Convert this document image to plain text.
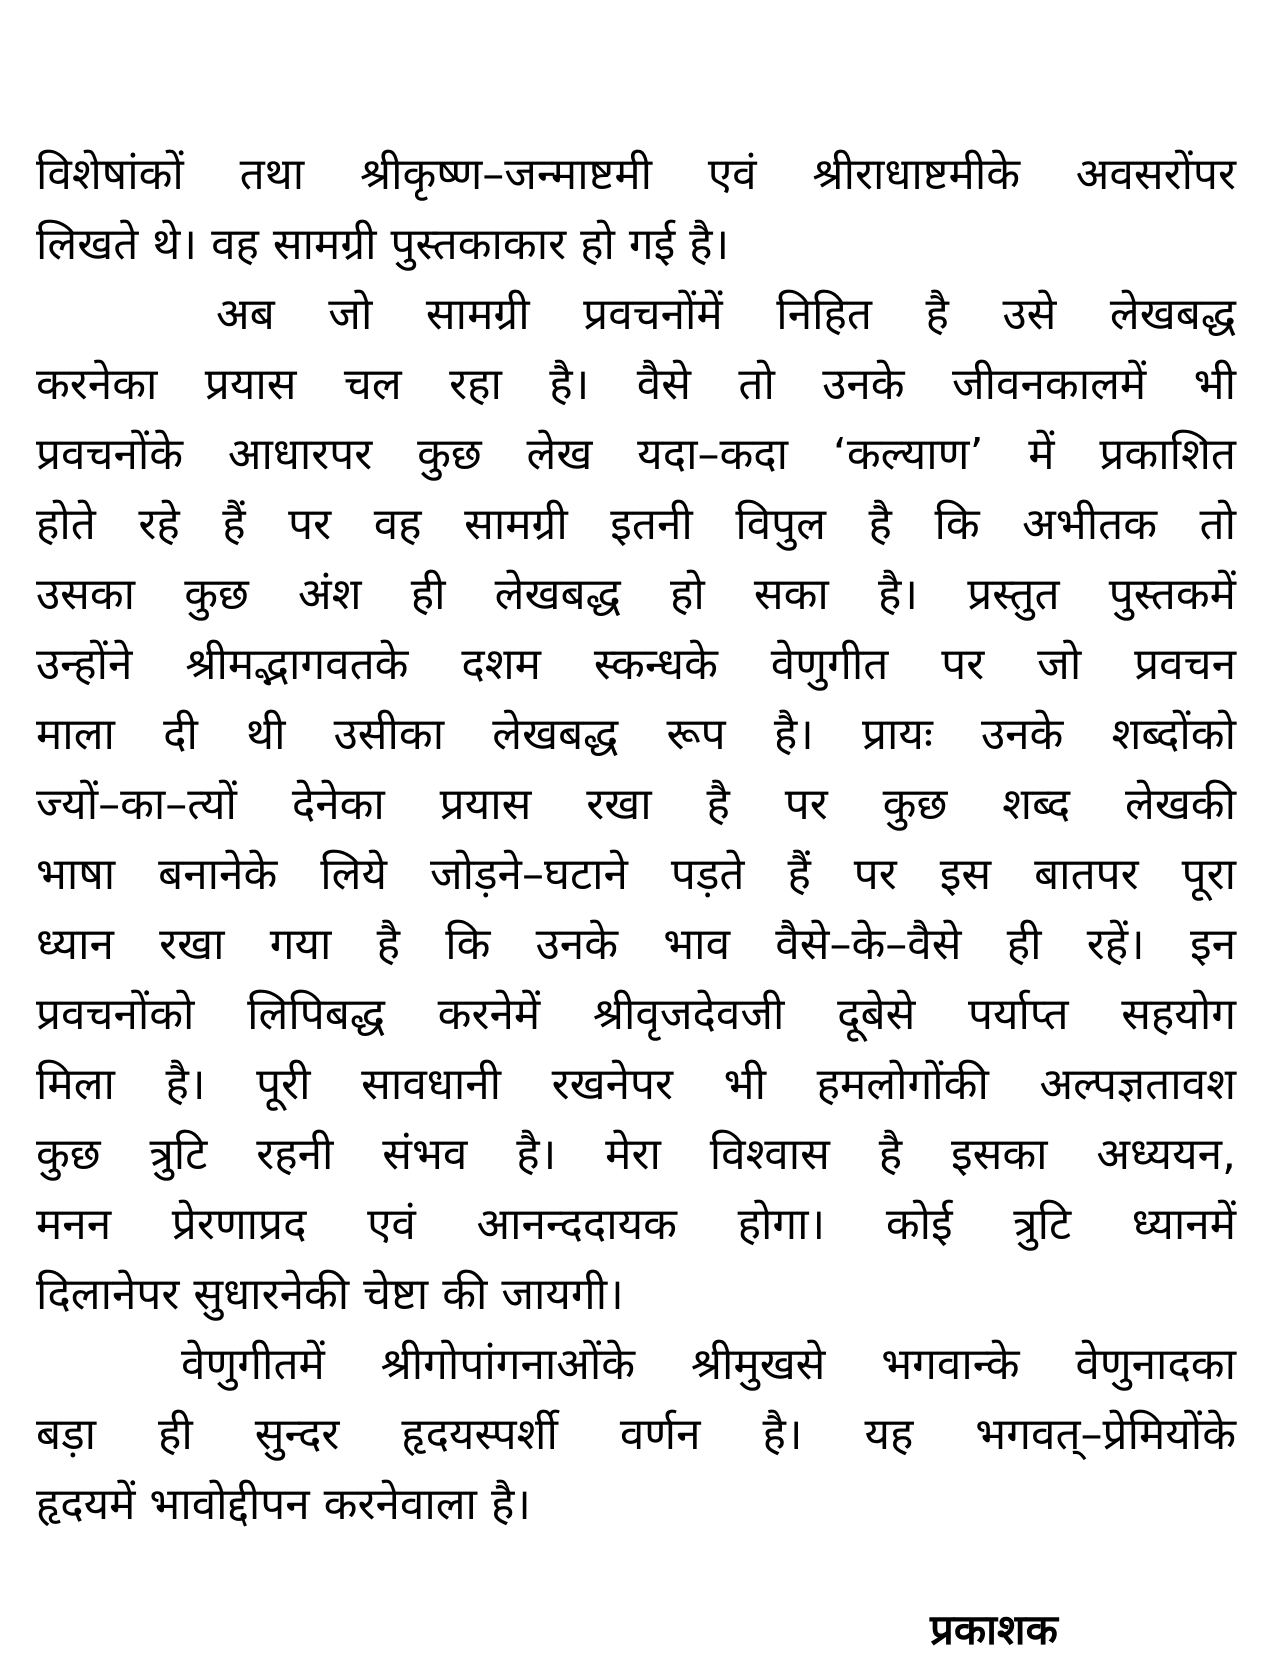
विशेषांकों तथा श्रीकृष्ण–जन्माष्टमी एवं श्रीराधाष्टमीके अवसरोंपर
लिखते थे। वह सामग्री पुस्तकाकार हो गई है।
अब जो सामग्री प्रवचनोंमें निहित है उसे लेखबद्ध
करनेका प्रयास चल रहा है। वैसे तो उनके जीवनकालमें भी
प्रवचनोंके आधारपर कुछ लेख यदा–कदा ‘कल्याण’ में प्रकाशित
होते रहे हैं पर वह सामग्री इतनी विपुल है कि अभीतक तो
उसका कुछ अंश ही लेखबद्ध हो सका है। प्रस्तुत पुस्तकमें
उन्होंने श्रीमद्भागवतके दशम स्कन्धके वेणुगीत पर जो प्रवचन
माला दी थी उसीका लेखबद्ध रूप है। प्रायः उनके शब्दोंको
ज्यों–का–त्यों देनेका प्रयास रखा है पर कुछ शब्द लेखकी
भाषा बनानेके लिये जोड़ने–घटाने पड़ते हैं पर इस बातपर पूरा
ध्यान रखा गया है कि उनके भाव वैसे–के–वैसे ही रहें। इन
प्रवचनोंको लिपिबद्ध करनेमें श्रीवृजदेवजी दूबेसे पर्याप्त सहयोग
मिला है। पूरी सावधानी रखनेपर भी हमलोगोंकी अल्पज्ञतावश
कुछ त्रुटि रहनी संभव है। मेरा विश्वास है इसका अध्ययन,
मनन प्रेरणाप्रद एवं आनन्ददायक होगा। कोई त्रुटि ध्यानमें
दिलानेपर सुधारनेकी चेष्टा की जायगी।
वेणुगीतमें श्रीगोपांगनाओंके श्रीमुखसे भगवान्के वेणुनादका
बड़ा ही सुन्दर हृदयस्पर्शी वर्णन है। यह भगवत्–प्रेमियोंके
हृदयमें भावोद्दीपन करनेवाला है।
प्रकाशक
